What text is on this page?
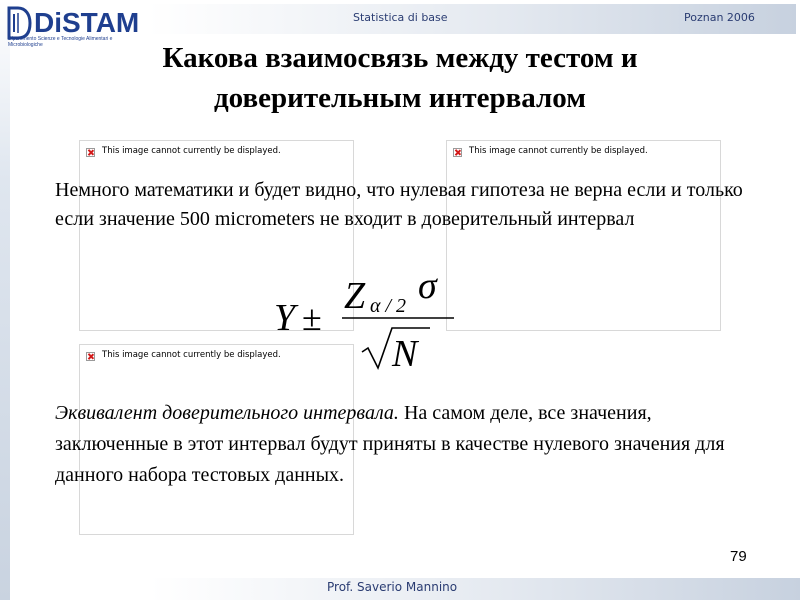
DiSTAM
Dipartimento Scienze e Tecnologie Alimentari e Microbiologiche
Statistica di base	Poznan 2006
Какова взаимосвязь между тестом и доверительным интервалом
This image cannot currently be displayed.	This image cannot currently be displayed.
This image cannot currently be displayed.
Немного математики и будет видно, что нулевая гипотеза не верна если и только если значение 500 micrometers не входит в доверительный интервал
Y ±
Z α / 2 σ
N
Эквивалент доверительного интервала. На самом деле, все значения, заключенные в этот интервал будут приняты в качестве нулевого значения для данного набора тестовых данных.
79
Prof. Saverio Mannino
